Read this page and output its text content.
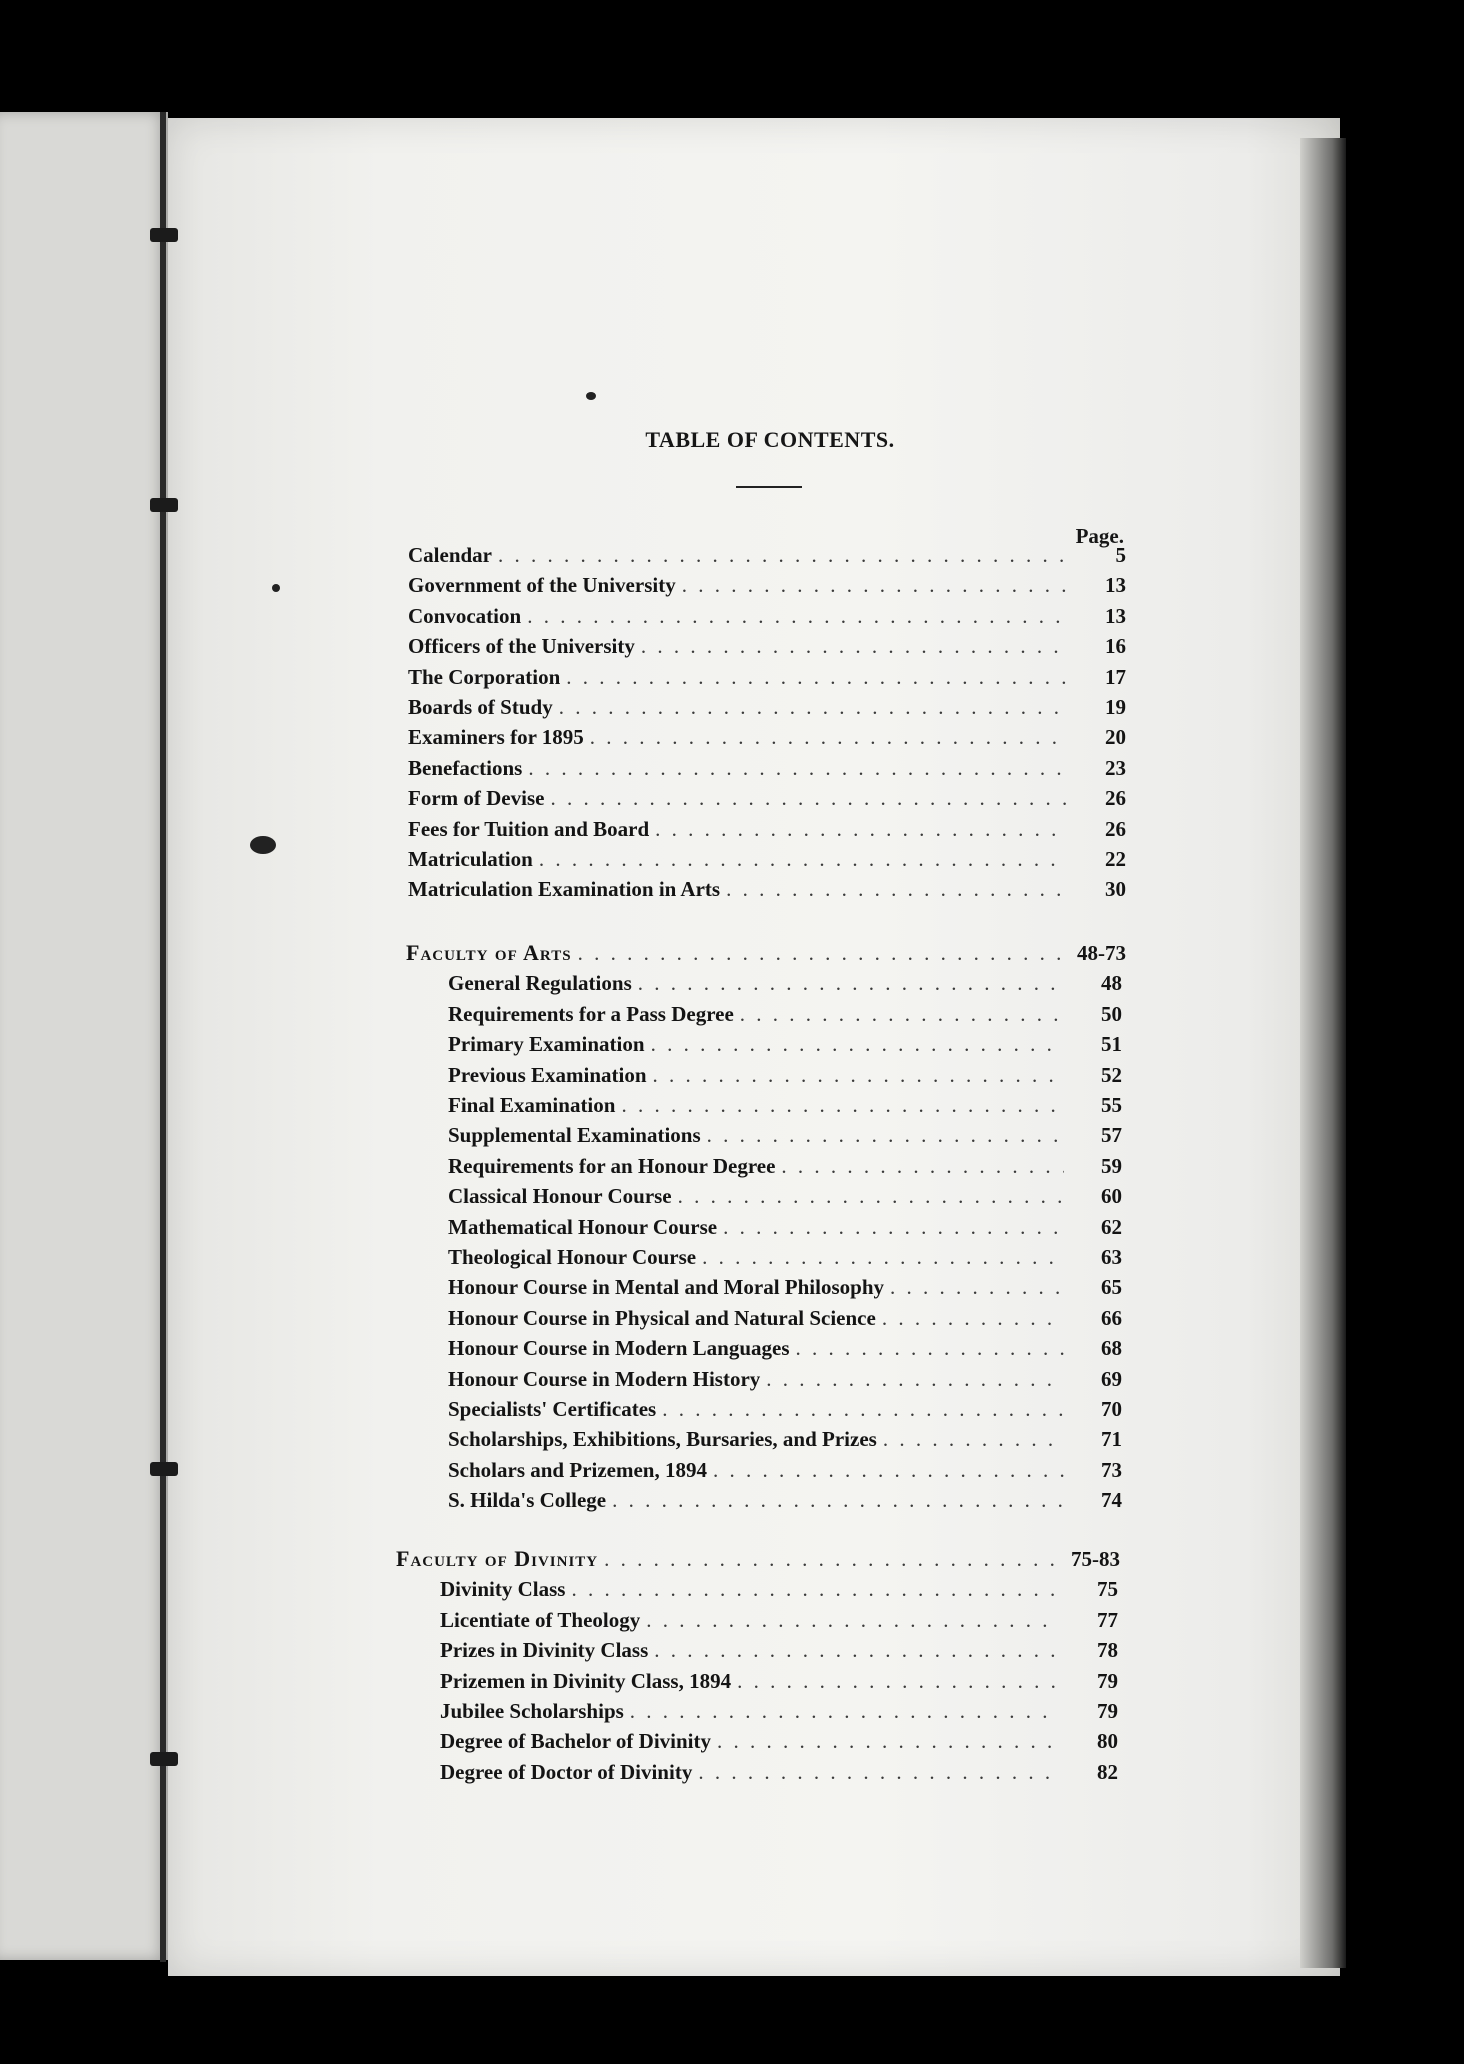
TABLE OF CONTENTS.
Page.
Calendar . . .	5
Government of the University . . .	13
Convocation . . .	13
Officers of the University . . .	16
The Corporation . . .	17
Boards of Study . . .	19
Examiners for 1895 . . .	20
Benefactions . . .	23
Form of Devise . . .	26
Fees for Tuition and Board . . .	26
Matriculation . . .	22
Matriculation Examination in Arts . . .	30
Faculty of Arts . . .	48-73
General Regulations . . .	48
Requirements for a Pass Degree . . .	50
Primary Examination . . .	51
Previous Examination . . .	52
Final Examination . . .	55
Supplemental Examinations . . .	57
Requirements for an Honour Degree . . .	59
Classical Honour Course . . .	60
Mathematical Honour Course . . .	62
Theological Honour Course . . .	63
Honour Course in Mental and Moral Philosophy . . .	65
Honour Course in Physical and Natural Science . . .	66
Honour Course in Modern Languages . . .	68
Honour Course in Modern History . . .	69
Specialists' Certificates . . .	70
Scholarships, Exhibitions, Bursaries, and Prizes . . .	71
Scholars and Prizemen, 1894 . . .	73
S. Hilda's College . . .	74
Faculty of Divinity . . .	75-83
Divinity Class . . .	75
Licentiate of Theology . . .	77
Prizes in Divinity Class . . .	78
Prizemen in Divinity Class, 1894 . . .	79
Jubilee Scholarships . . .	79
Degree of Bachelor of Divinity . . .	80
Degree of Doctor of Divinity . . .	82
